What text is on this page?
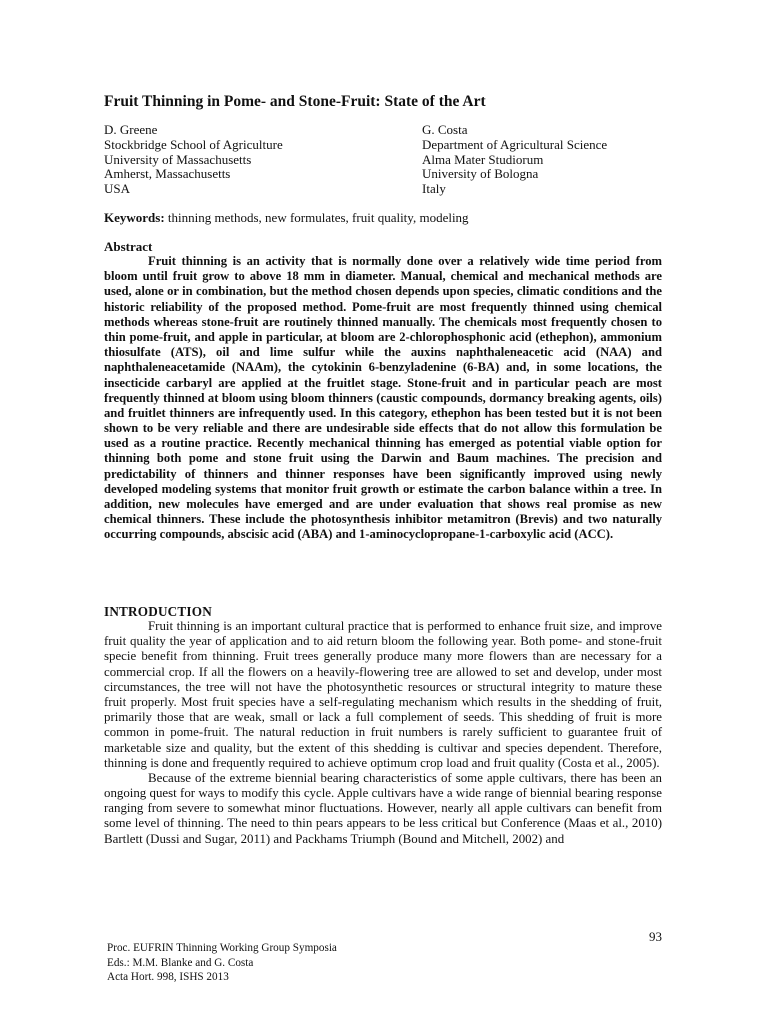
Fruit Thinning in Pome- and Stone-Fruit: State of the Art
D. Greene
Stockbridge School of Agriculture
University of Massachusetts
Amherst, Massachusetts
USA
G. Costa
Department of Agricultural Science
Alma Mater Studiorum
University of Bologna
Italy
Keywords: thinning methods, new formulates, fruit quality, modeling
Abstract

Fruit thinning is an activity that is normally done over a relatively wide time period from bloom until fruit grow to above 18 mm in diameter. Manual, chemical and mechanical methods are used, alone or in combination, but the method chosen depends upon species, climatic conditions and the historic reliability of the proposed method. Pome-fruit are most frequently thinned using chemical methods whereas stone-fruit are routinely thinned manually. The chemicals most frequently chosen to thin pome-fruit, and apple in particular, at bloom are 2-chlorophosphonic acid (ethephon), ammonium thiosulfate (ATS), oil and lime sulfur while the auxins naphthaleneacetic acid (NAA) and naphthaleneacetamide (NAAm), the cytokinin 6-benzyladenine (6-BA) and, in some locations, the insecticide carbaryl are applied at the fruitlet stage. Stone-fruit and in particular peach are most frequently thinned at bloom using bloom thinners (caustic compounds, dormancy breaking agents, oils) and fruitlet thinners are infrequently used. In this category, ethephon has been tested but it is not been shown to be very reliable and there are undesirable side effects that do not allow this formulation be used as a routine practice. Recently mechanical thinning has emerged as potential viable option for thinning both pome and stone fruit using the Darwin and Baum machines. The precision and predictability of thinners and thinner responses have been significantly improved using newly developed modeling systems that monitor fruit growth or estimate the carbon balance within a tree. In addition, new molecules have emerged and are under evaluation that shows real promise as new chemical thinners. These include the photosynthesis inhibitor metamitron (Brevis) and two naturally occurring compounds, abscisic acid (ABA) and 1-aminocyclopropane-1-carboxylic acid (ACC).

INTRODUCTION

Fruit thinning is an important cultural practice that is performed to enhance fruit size, and improve fruit quality the year of application and to aid return bloom the following year. Both pome- and stone-fruit specie benefit from thinning. Fruit trees generally produce many more flowers than are necessary for a commercial crop. If all the flowers on a heavily-flowering tree are allowed to set and develop, under most circumstances, the tree will not have the photosynthetic resources or structural integrity to mature these fruit properly. Most fruit species have a self-regulating mechanism which results in the shedding of fruit, primarily those that are weak, small or lack a full complement of seeds. This shedding of fruit is more common in pome-fruit. The natural reduction in fruit numbers is rarely sufficient to guarantee fruit of marketable size and quality, but the extent of this shedding is cultivar and species dependent. Therefore, thinning is done and frequently required to achieve optimum crop load and fruit quality (Costa et al., 2005).

Because of the extreme biennial bearing characteristics of some apple cultivars, there has been an ongoing quest for ways to modify this cycle. Apple cultivars have a wide range of biennial bearing response ranging from severe to somewhat minor fluctuations. However, nearly all apple cultivars can benefit from some level of thinning. The need to thin pears appears to be less critical but Conference (Maas et al., 2010) Bartlett (Dussi and Sugar, 2011) and Packhams Triumph (Bound and Mitchell, 2002) and

93
Proc. EUFRIN Thinning Working Group Symposia
Eds.: M.M. Blanke and G. Costa
Acta Hort. 998, ISHS 2013
